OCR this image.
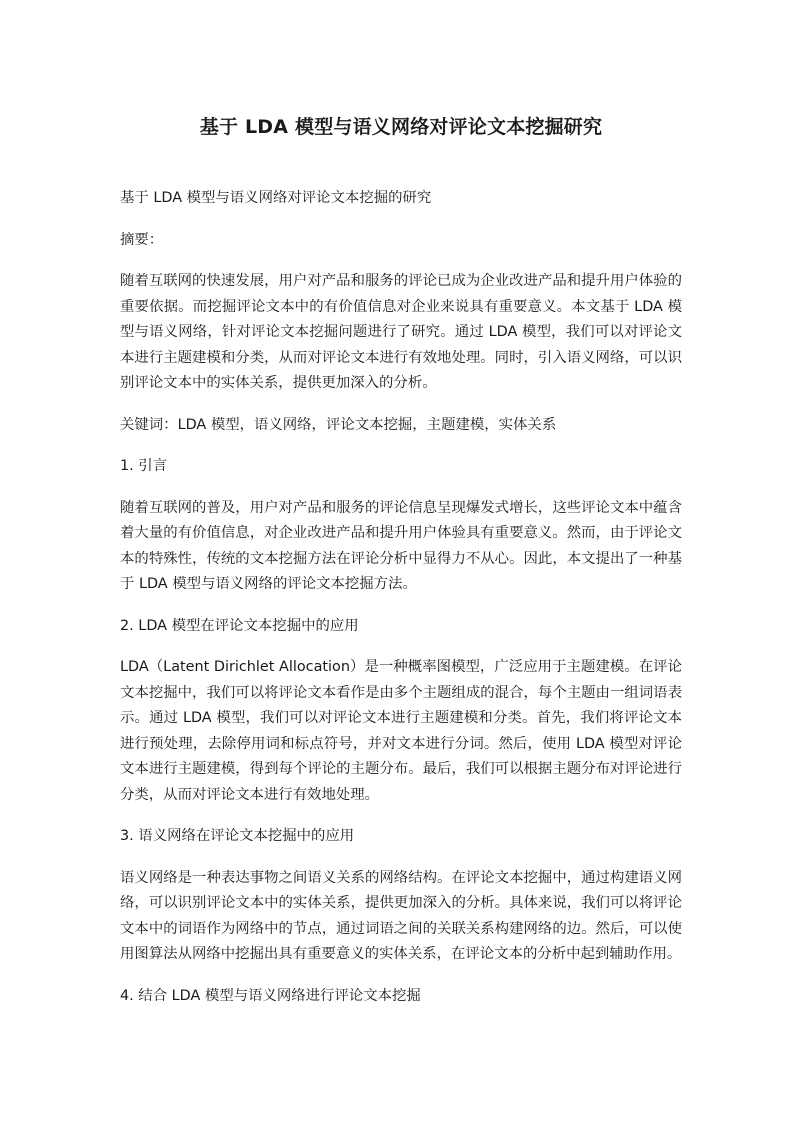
基于 LDA 模型与语义网络对评论文本挖掘研究

基于 LDA 模型与语义网络对评论文本挖掘的研究

摘要：

随着互联网的快速发展，用户对产品和服务的评论已成为企业改进产品和提升用户体验的重要依据。而挖掘评论文本中的有价值信息对企业来说具有重要意义。本文基于 LDA 模型与语义网络，针对评论文本挖掘问题进行了研究。通过 LDA 模型，我们可以对评论文本进行主题建模和分类，从而对评论文本进行有效地处理。同时，引入语义网络，可以识别评论文本中的实体关系，提供更加深入的分析。

关键词：LDA 模型，语义网络，评论文本挖掘，主题建模，实体关系

1. 引言

随着互联网的普及，用户对产品和服务的评论信息呈现爆发式增长，这些评论文本中蕴含着大量的有价值信息，对企业改进产品和提升用户体验具有重要意义。然而，由于评论文本的特殊性，传统的文本挖掘方法在评论分析中显得力不从心。因此，本文提出了一种基于 LDA 模型与语义网络的评论文本挖掘方法。

2. LDA 模型在评论文本挖掘中的应用

LDA（Latent Dirichlet Allocation）是一种概率图模型，广泛应用于主题建模。在评论文本挖掘中，我们可以将评论文本看作是由多个主题组成的混合，每个主题由一组词语表示。通过 LDA 模型，我们可以对评论文本进行主题建模和分类。首先，我们将评论文本进行预处理，去除停用词和标点符号，并对文本进行分词。然后，使用 LDA 模型对评论文本进行主题建模，得到每个评论的主题分布。最后，我们可以根据主题分布对评论进行分类，从而对评论文本进行有效地处理。

3. 语义网络在评论文本挖掘中的应用

语义网络是一种表达事物之间语义关系的网络结构。在评论文本挖掘中，通过构建语义网络，可以识别评论文本中的实体关系，提供更加深入的分析。具体来说，我们可以将评论文本中的词语作为网络中的节点，通过词语之间的关联关系构建网络的边。然后，可以使用图算法从网络中挖掘出具有重要意义的实体关系，在评论文本的分析中起到辅助作用。

4. 结合 LDA 模型与语义网络进行评论文本挖掘
